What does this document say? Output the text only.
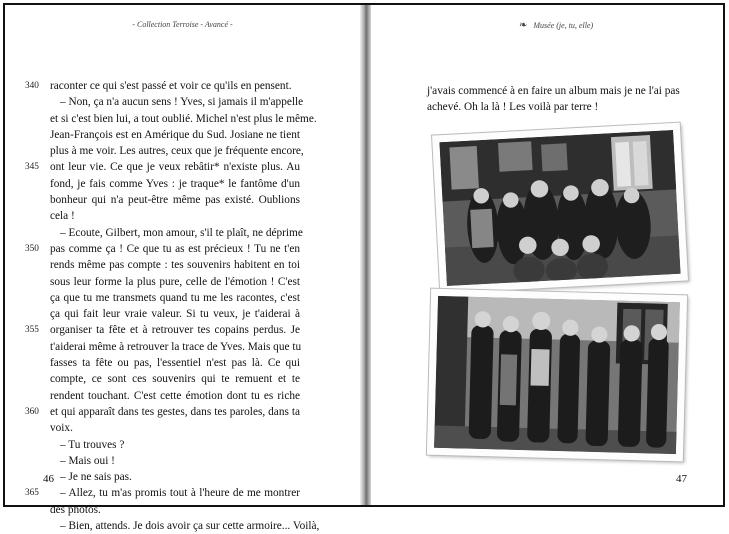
- Collection Terroise - Avancé -
340 raconter ce qui s'est passé et voir ce qu'ils en pensent.
– Non, ça n'a aucun sens ! Yves, si jamais il m'appelle
et si c'est bien lui, a tout oublié. Michel n'est plus le même.
Jean-François est en Amérique du Sud. Josiane ne tient
plus à me voir. Les autres, ceux que je fréquente encore,
345 ont leur vie. Ce que je veux rebâtir* n'existe plus. Au
fond, je fais comme Yves : je traque* le fantôme d'un
bonheur qui n'a peut-être même pas existé. Oublions
cela !
– Ecoute, Gilbert, mon amour, s'il te plaît, ne déprime
350 pas comme ça ! Ce que tu as est précieux ! Tu ne t'en
rends même pas compte : tes souvenirs habitent en toi
sous leur forme la plus pure, celle de l'émotion ! C'est
ça que tu me transmets quand tu me les racontes, c'est
ça qui fait leur vraie valeur. Si tu veux, je t'aiderai à
355 organiser ta fête et à retrouver tes copains perdus. Je
t'aiderai même à retrouver la trace de Yves. Mais que tu
fasses ta fête ou pas, l'essentiel n'est pas là. Ce qui
compte, ce sont ces souvenirs qui te remuent et te
rendent touchant. C'est cette émotion dont tu es riche
360 et qui apparaît dans tes gestes, dans tes paroles, dans ta
voix.
– Tu trouves ?
– Mais oui !
– Je ne sais pas.
365 – Allez, tu m'as promis tout à l'heure de me montrer
des photos.
– Bien, attends. Je dois avoir ça sur cette armoire... Voilà,
46
❧ Musée (je, tu, elle)
j'avais commencé à en faire un album mais je ne l'ai pas
achevé. Oh la là ! Les voilà par terre !
47
